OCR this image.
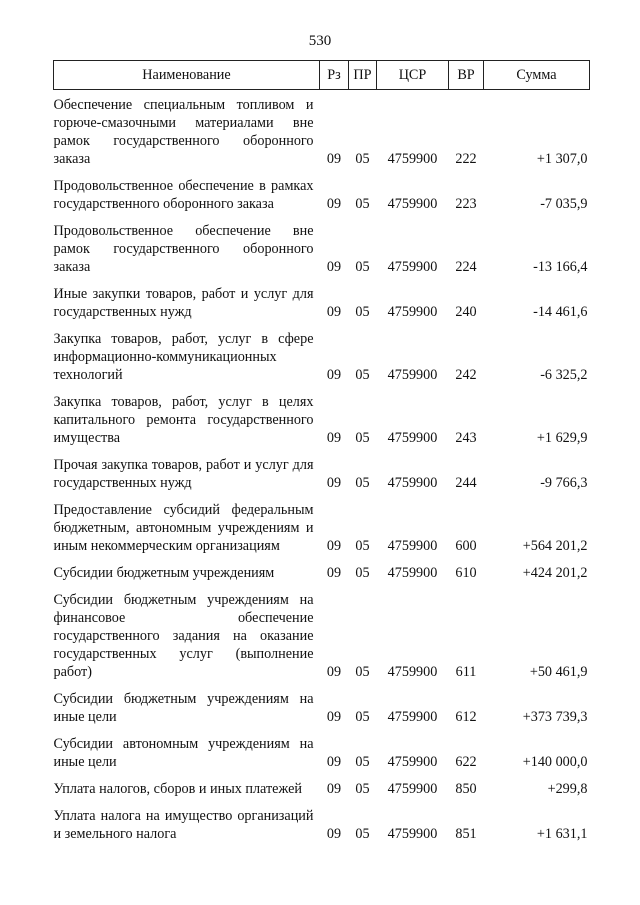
530
Наименование	Рз	ПР	ЦСР	ВР	Сумма
Обеспечение специальным топливом и горюче-смазочными материалами вне рамок государственного оборонного заказа	09	05	4759900	222	+1 307,0
Продовольственное обеспечение в рамках государственного оборонного заказа	09	05	4759900	223	-7 035,9
Продовольственное обеспечение вне рамок государственного оборонного заказа	09	05	4759900	224	-13 166,4
Иные закупки товаров, работ и услуг для государственных нужд	09	05	4759900	240	-14 461,6
Закупка товаров, работ, услуг в сфере информационно-коммуникационных технологий	09	05	4759900	242	-6 325,2
Закупка товаров, работ, услуг в целях капитального ремонта государственного имущества	09	05	4759900	243	+1 629,9
Прочая закупка товаров, работ и услуг для государственных нужд	09	05	4759900	244	-9 766,3
Предоставление субсидий федеральным бюджетным, автономным учреждениям и иным некоммерческим организациям	09	05	4759900	600	+564 201,2
Субсидии бюджетным учреждениям	09	05	4759900	610	+424 201,2
Субсидии бюджетным учреждениям на финансовое обеспечение государственного задания на оказание государственных услуг (выполнение работ)	09	05	4759900	611	+50 461,9
Субсидии бюджетным учреждениям на иные цели	09	05	4759900	612	+373 739,3
Субсидии автономным учреждениям на иные цели	09	05	4759900	622	+140 000,0
Уплата налогов, сборов и иных платежей	09	05	4759900	850	+299,8
Уплата налога на имущество организаций и земельного налога	09	05	4759900	851	+1 631,1
